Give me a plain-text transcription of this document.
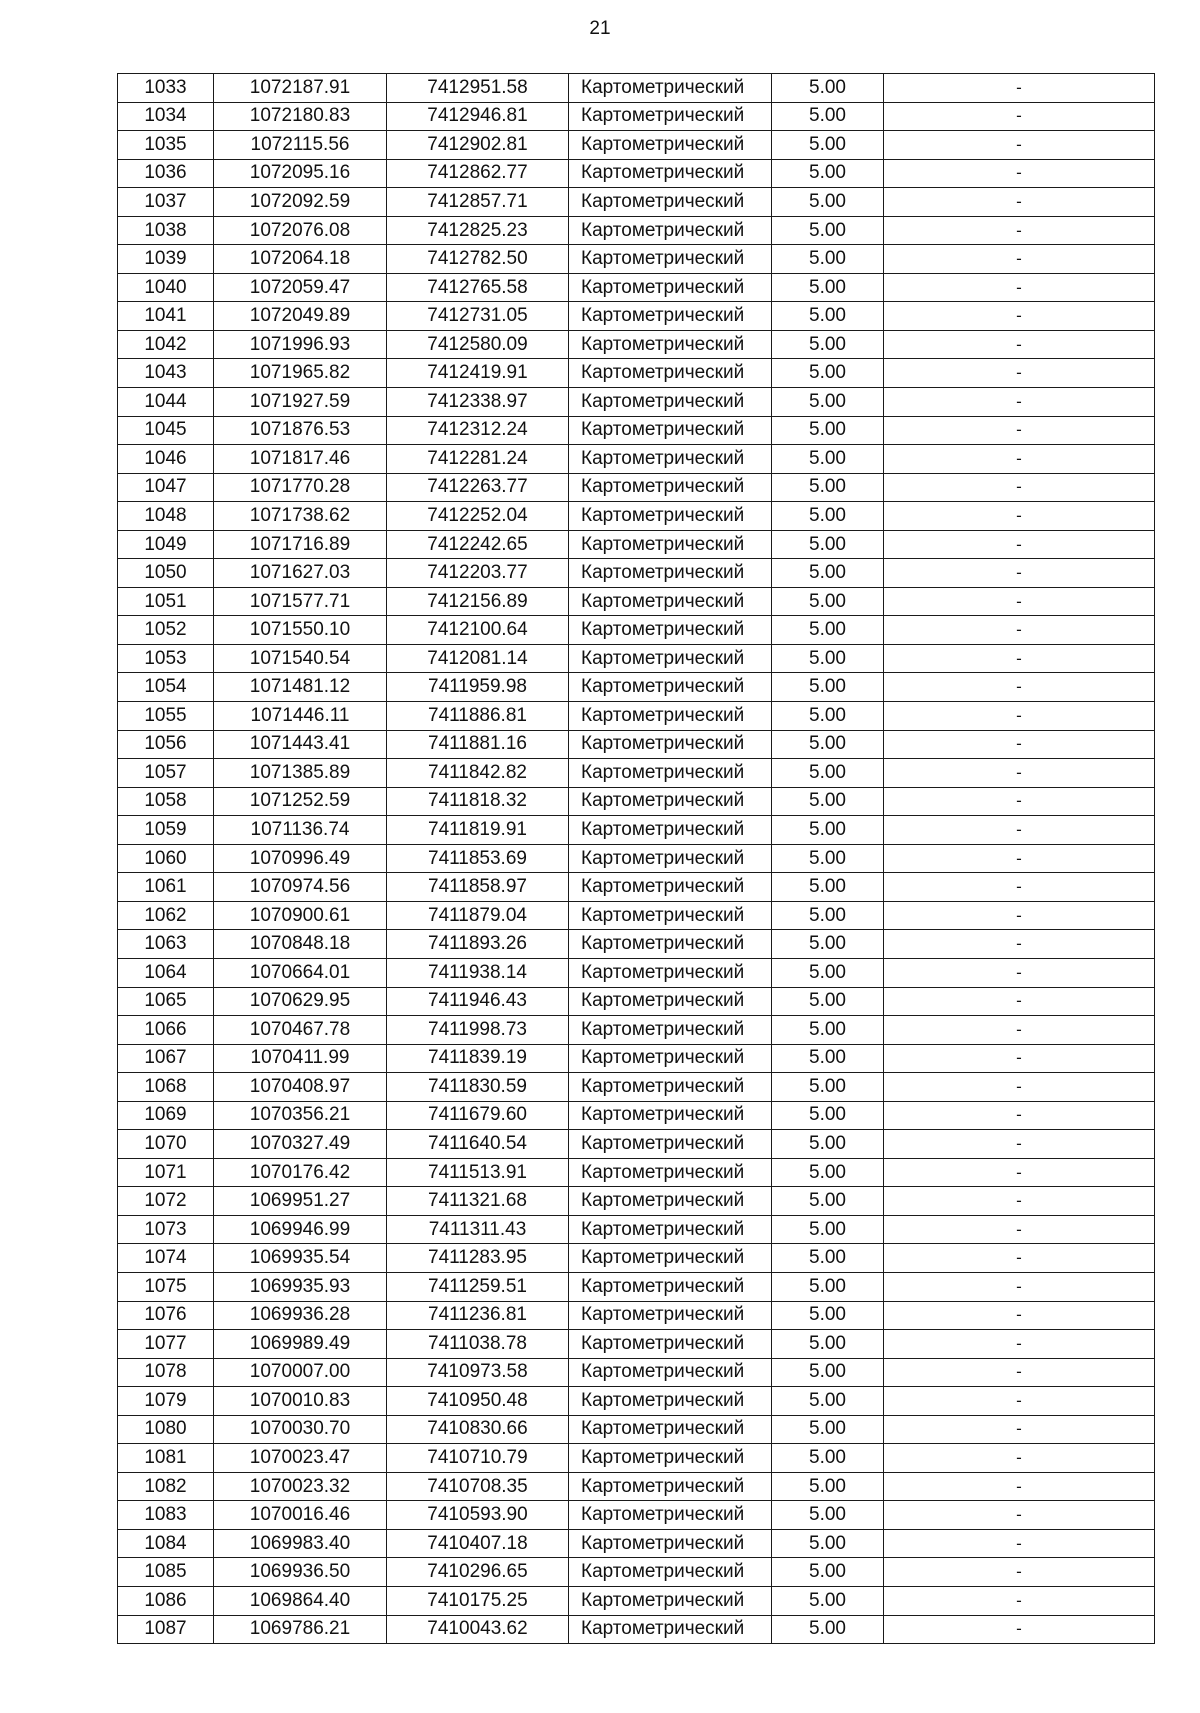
21
1033	1072187.91	7412951.58	Картометрический	5.00	-
1034	1072180.83	7412946.81	Картометрический	5.00	-
1035	1072115.56	7412902.81	Картометрический	5.00	-
1036	1072095.16	7412862.77	Картометрический	5.00	-
1037	1072092.59	7412857.71	Картометрический	5.00	-
1038	1072076.08	7412825.23	Картометрический	5.00	-
1039	1072064.18	7412782.50	Картометрический	5.00	-
1040	1072059.47	7412765.58	Картометрический	5.00	-
1041	1072049.89	7412731.05	Картометрический	5.00	-
1042	1071996.93	7412580.09	Картометрический	5.00	-
1043	1071965.82	7412419.91	Картометрический	5.00	-
1044	1071927.59	7412338.97	Картометрический	5.00	-
1045	1071876.53	7412312.24	Картометрический	5.00	-
1046	1071817.46	7412281.24	Картометрический	5.00	-
1047	1071770.28	7412263.77	Картометрический	5.00	-
1048	1071738.62	7412252.04	Картометрический	5.00	-
1049	1071716.89	7412242.65	Картометрический	5.00	-
1050	1071627.03	7412203.77	Картометрический	5.00	-
1051	1071577.71	7412156.89	Картометрический	5.00	-
1052	1071550.10	7412100.64	Картометрический	5.00	-
1053	1071540.54	7412081.14	Картометрический	5.00	-
1054	1071481.12	7411959.98	Картометрический	5.00	-
1055	1071446.11	7411886.81	Картометрический	5.00	-
1056	1071443.41	7411881.16	Картометрический	5.00	-
1057	1071385.89	7411842.82	Картометрический	5.00	-
1058	1071252.59	7411818.32	Картометрический	5.00	-
1059	1071136.74	7411819.91	Картометрический	5.00	-
1060	1070996.49	7411853.69	Картометрический	5.00	-
1061	1070974.56	7411858.97	Картометрический	5.00	-
1062	1070900.61	7411879.04	Картометрический	5.00	-
1063	1070848.18	7411893.26	Картометрический	5.00	-
1064	1070664.01	7411938.14	Картометрический	5.00	-
1065	1070629.95	7411946.43	Картометрический	5.00	-
1066	1070467.78	7411998.73	Картометрический	5.00	-
1067	1070411.99	7411839.19	Картометрический	5.00	-
1068	1070408.97	7411830.59	Картометрический	5.00	-
1069	1070356.21	7411679.60	Картометрический	5.00	-
1070	1070327.49	7411640.54	Картометрический	5.00	-
1071	1070176.42	7411513.91	Картометрический	5.00	-
1072	1069951.27	7411321.68	Картометрический	5.00	-
1073	1069946.99	7411311.43	Картометрический	5.00	-
1074	1069935.54	7411283.95	Картометрический	5.00	-
1075	1069935.93	7411259.51	Картометрический	5.00	-
1076	1069936.28	7411236.81	Картометрический	5.00	-
1077	1069989.49	7411038.78	Картометрический	5.00	-
1078	1070007.00	7410973.58	Картометрический	5.00	-
1079	1070010.83	7410950.48	Картометрический	5.00	-
1080	1070030.70	7410830.66	Картометрический	5.00	-
1081	1070023.47	7410710.79	Картометрический	5.00	-
1082	1070023.32	7410708.35	Картометрический	5.00	-
1083	1070016.46	7410593.90	Картометрический	5.00	-
1084	1069983.40	7410407.18	Картометрический	5.00	-
1085	1069936.50	7410296.65	Картометрический	5.00	-
1086	1069864.40	7410175.25	Картометрический	5.00	-
1087	1069786.21	7410043.62	Картометрический	5.00	-
